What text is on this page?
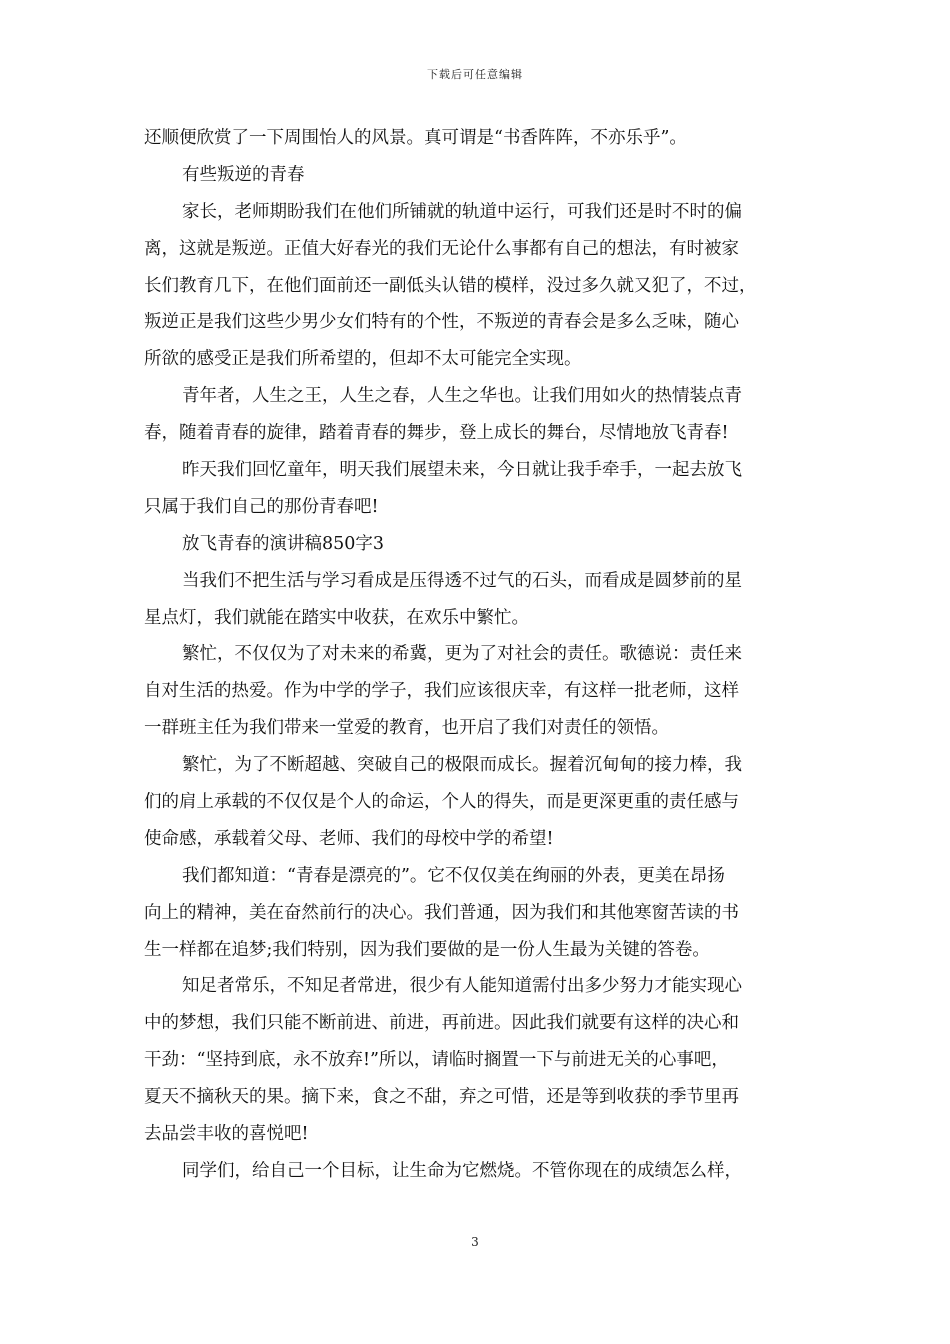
下载后可任意编辑
还顺便欣赏了一下周围怡人的风景。真可谓是“书香阵阵，不亦乐乎”。
有些叛逆的青春
家长，老师期盼我们在他们所铺就的轨道中运行，可我们还是时不时的偏
离，这就是叛逆。正值大好春光的我们无论什么事都有自己的想法，有时被家
长们教育几下，在他们面前还一副低头认错的模样，没过多久就又犯了，不过，
叛逆正是我们这些少男少女们特有的个性，不叛逆的青春会是多么乏味，随心
所欲的感受正是我们所希望的，但却不太可能完全实现。
青年者，人生之王，人生之春，人生之华也。让我们用如火的热情装点青
春，随着青春的旋律，踏着青春的舞步，登上成长的舞台，尽情地放飞青春!
昨天我们回忆童年，明天我们展望未来，今日就让我手牵手，一起去放飞
只属于我们自己的那份青春吧!
放飞青春的演讲稿850字3
当我们不把生活与学习看成是压得透不过气的石头，而看成是圆梦前的星
星点灯，我们就能在踏实中收获，在欢乐中繁忙。
繁忙，不仅仅为了对未来的希冀，更为了对社会的责任。歌德说：责任来
自对生活的热爱。作为中学的学子，我们应该很庆幸，有这样一批老师，这样
一群班主任为我们带来一堂爱的教育，也开启了我们对责任的领悟。
繁忙，为了不断超越、突破自己的极限而成长。握着沉甸甸的接力棒，我
们的肩上承载的不仅仅是个人的命运，个人的得失，而是更深更重的责任感与
使命感，承载着父母、老师、我们的母校中学的希望!
我们都知道：“青春是漂亮的”。它不仅仅美在绚丽的外表，更美在昂扬
向上的精神，美在奋然前行的决心。我们普通，因为我们和其他寒窗苦读的书
生一样都在追梦;我们特别，因为我们要做的是一份人生最为关键的答卷。
知足者常乐，不知足者常进，很少有人能知道需付出多少努力才能实现心
中的梦想，我们只能不断前进、前进，再前进。因此我们就要有这样的决心和
干劲：“坚持到底，永不放弃!”所以，请临时搁置一下与前进无关的心事吧，
夏天不摘秋天的果。摘下来，食之不甜，弃之可惜，还是等到收获的季节里再
去品尝丰收的喜悦吧!
同学们，给自己一个目标，让生命为它燃烧。不管你现在的成绩怎么样，
3
